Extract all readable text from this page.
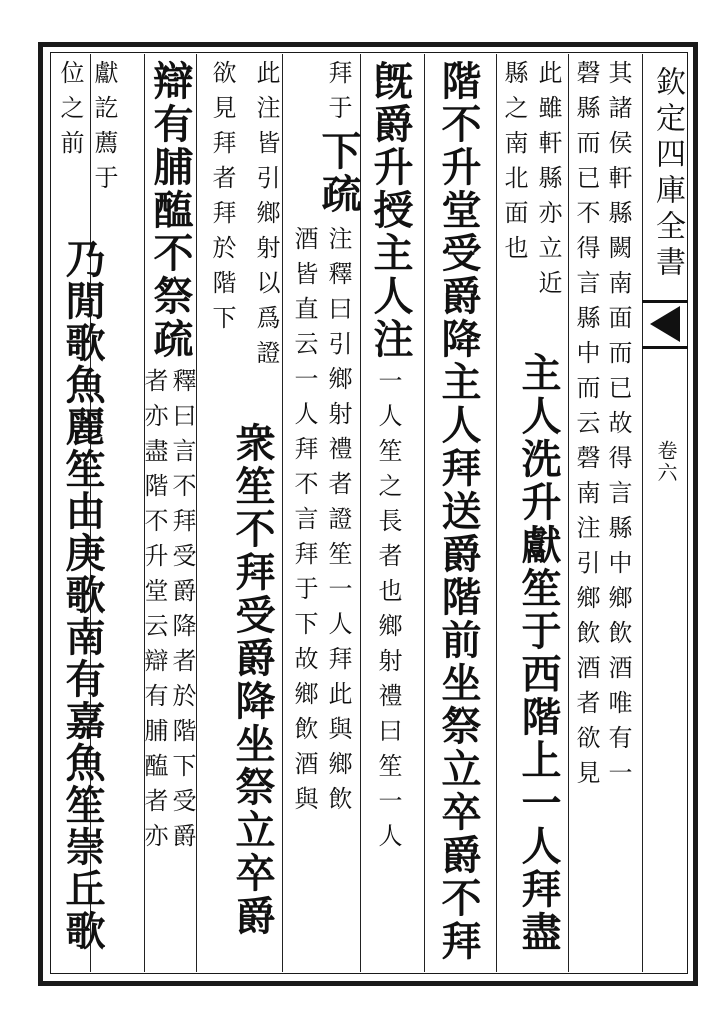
欽定四庫全書
卷六
其諸侯軒縣闕南面而已故得言縣中鄉飲酒唯有一
磬縣而已不得言縣中而云磬南注引鄉飲酒者欲見
此雖軒縣亦立近
主人洗升獻笙于西階上一人拜盡
縣之南北面也
階不升堂受爵降主人拜送爵階前坐祭立卒爵不拜
旣爵升授主人注
一人笙之長者也鄉射禮曰笙一人
拜于
下疏
注釋曰引鄉射禮者證笙一人拜此與鄉飲
酒皆直云一人拜不言拜于下故鄉飲酒與
此注皆引鄉射以爲證
衆笙不拜受爵降坐祭立卒爵
欲見拜者拜於階下
辯有脯醢不祭疏
釋曰言不拜受爵降者於階下受爵
者亦盡階不升堂云辯有脯醢者亦
獻訖薦于
乃閒歌魚麗笙由庚歌南有嘉魚笙崇丘歌
位之前
